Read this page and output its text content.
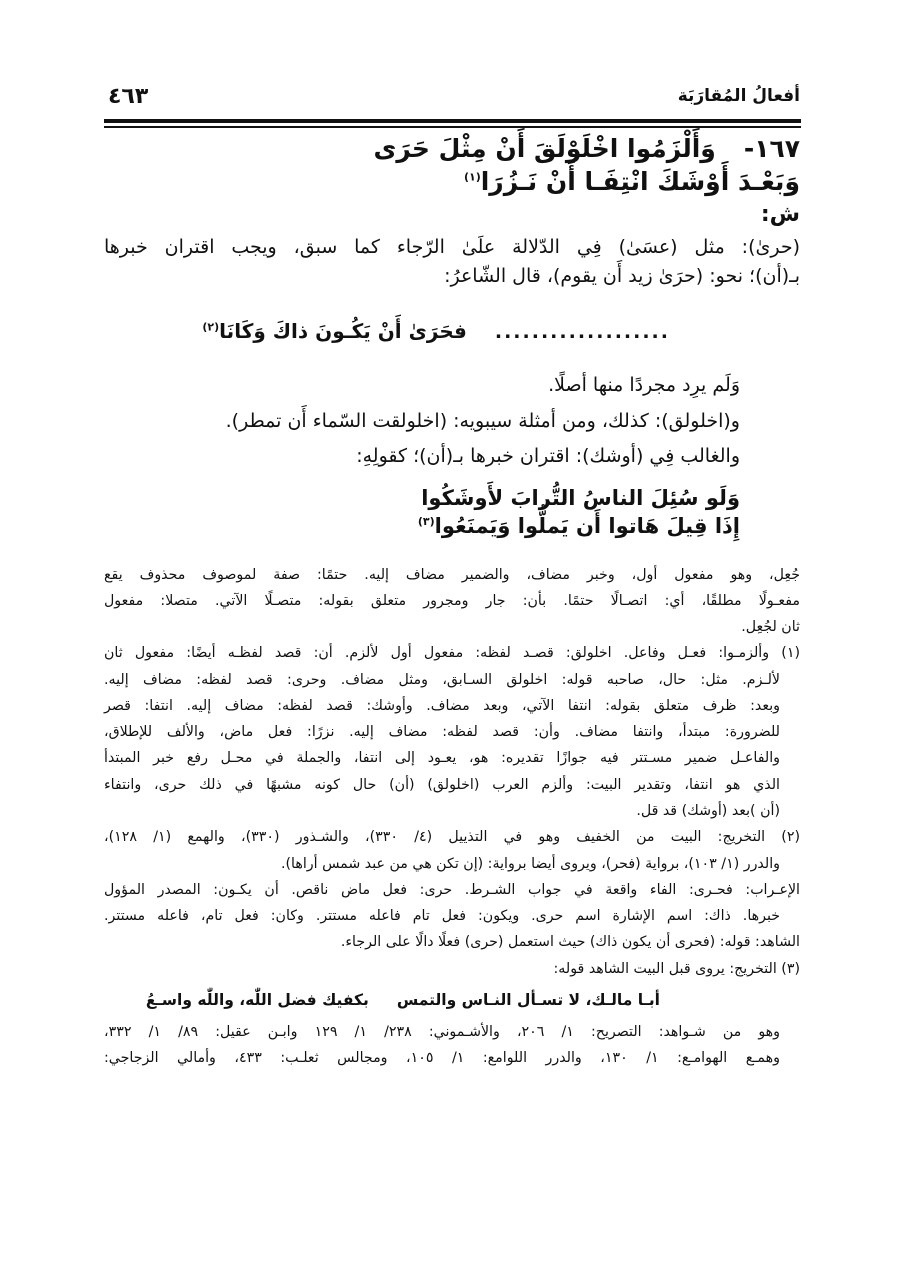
٤٦٣	أفعالُ المُقارَبَة
١٦٧-
وَأَلْزَمُوا اخْلَوْلَقَ أَنْ مِثْلَ حَرَى
وَبَعْـدَ أَوْشَكَ انْتِفَـا أَنْ نَـزُرَا$^{(١)}$
ش:
(حرىٰ): مثل (عسَىٰ) فِي الدّلالة علَىٰ الرّجاء كما سبق، ويجب اقتران خبرها
بـ(أن)؛ نحو: (حرَىٰ زيد أَن يقوم)، قال الشّاعرُ:
...................
فحَرَىٰ أَنْ يَكُـونَ ذاكَ وَكَانَا$^{(٢)}$
وَلَم يرِد مجردًا منها أصلًا.
و(اخلولق): كذلك، ومن أمثلة سيبويه: (اخلولقت السّماء أَن تمطر).
والغالب فِي (أوشك): اقتران خبرها بـ(أن)؛ كقولِهِ:
وَلَو سُئِلَ الناسُ التُّرابَ لأَوشَكُوا
إِذَا قِيلَ هَاتوا أَن يَملُّوا وَيَمنَعُوا$^{(٣)}$
جُعِل، وهو مفعول أول، وخبر مضاف، والضمير مضاف إليه. حتمًا: صفة لموصوف محذوف يقع
مفعـولًا مطلقًا، أي: اتصـالًا حتمًا. بأن: جار ومجرور متعلق بقوله: متصـلًا الآتي. متصلا: مفعول
ثان لجُعِل.
(١) وألزمـوا: فعـل وفاعل. اخلولق: قصـد لفظه: مفعول أول لألزم. أن: قصد لفظـه أيضًا: مفعول ثان
لألـزم. مثل: حال، صاحبه قوله: اخلولق السـابق، ومثل مضاف. وحرى: قصد لفظه: مضاف إليه.
وبعد: ظرف متعلق بقوله: انتفا الآتي، وبعد مضاف. وأوشك: قصد لفظه: مضاف إليه. انتفا: قصر
للضرورة: مبتدأ، وانتفا مضاف. وأن: قصد لفظه: مضاف إليه. نزرًا: فعل ماض، والألف للإطلاق،
والفاعـل ضمير مسـتتر فيه جوازًا تقديره: هو، يعـود إلى انتفا، والجملة في محـل رفع خبر المبتدأ
الذي هو انتفا، وتقدير البيت: وألزم العرب (اخلولق) (أن) حال كونه مشبهًا في ذلك حرى، وانتفاء
(أن )بعد (أوشك) قد قل.
(٢) التخريج: البيت من الخفيف وهو في التذييل (٤/ ٣٣٠)، والشـذور (٣٣٠)، والهمع (١/ ١٢٨)،
والدرر (١/ ١٠٣)، برواية (فحر)، ويروى أيضا برواية: (إن تكن هي من عبد شمس أراها).
الإعـراب: فحـرى: الفاء واقعة في جواب الشـرط. حرى: فعل ماض ناقص. أن يكـون: المصدر المؤول
خبرها. ذاك: اسم الإشارة اسم حرى. ويكون: فعل تام فاعله مستتر. وكان: فعل تام، فاعله مستتر.
الشاهد: قوله: (فحرى أن يكون ذاك) حيث استعمل (حرى) فعلًا دالًا على الرجاء.
(٣) التخريج: يروى قبل البيت الشاهد قوله:
أبـا مالـك، لا تسـأل النـاس والتمس
بكفيك فضل اللّٰه، واللّٰه واسـعُ
وهو من شـواهد: التصريح: ١/ ٢٠٦، والأشـموني: ٢٣٨/ ١/ ١٢٩ وابـن عقيل: ٨٩/ ١/ ٣٣٢،
وهمـع الهوامـع: ١/ ١٣٠، والدرر اللوامع: ١/ ١٠٥، ومجالس ثعلـب: ٤٣٣، وأمالي الزجاجي:
